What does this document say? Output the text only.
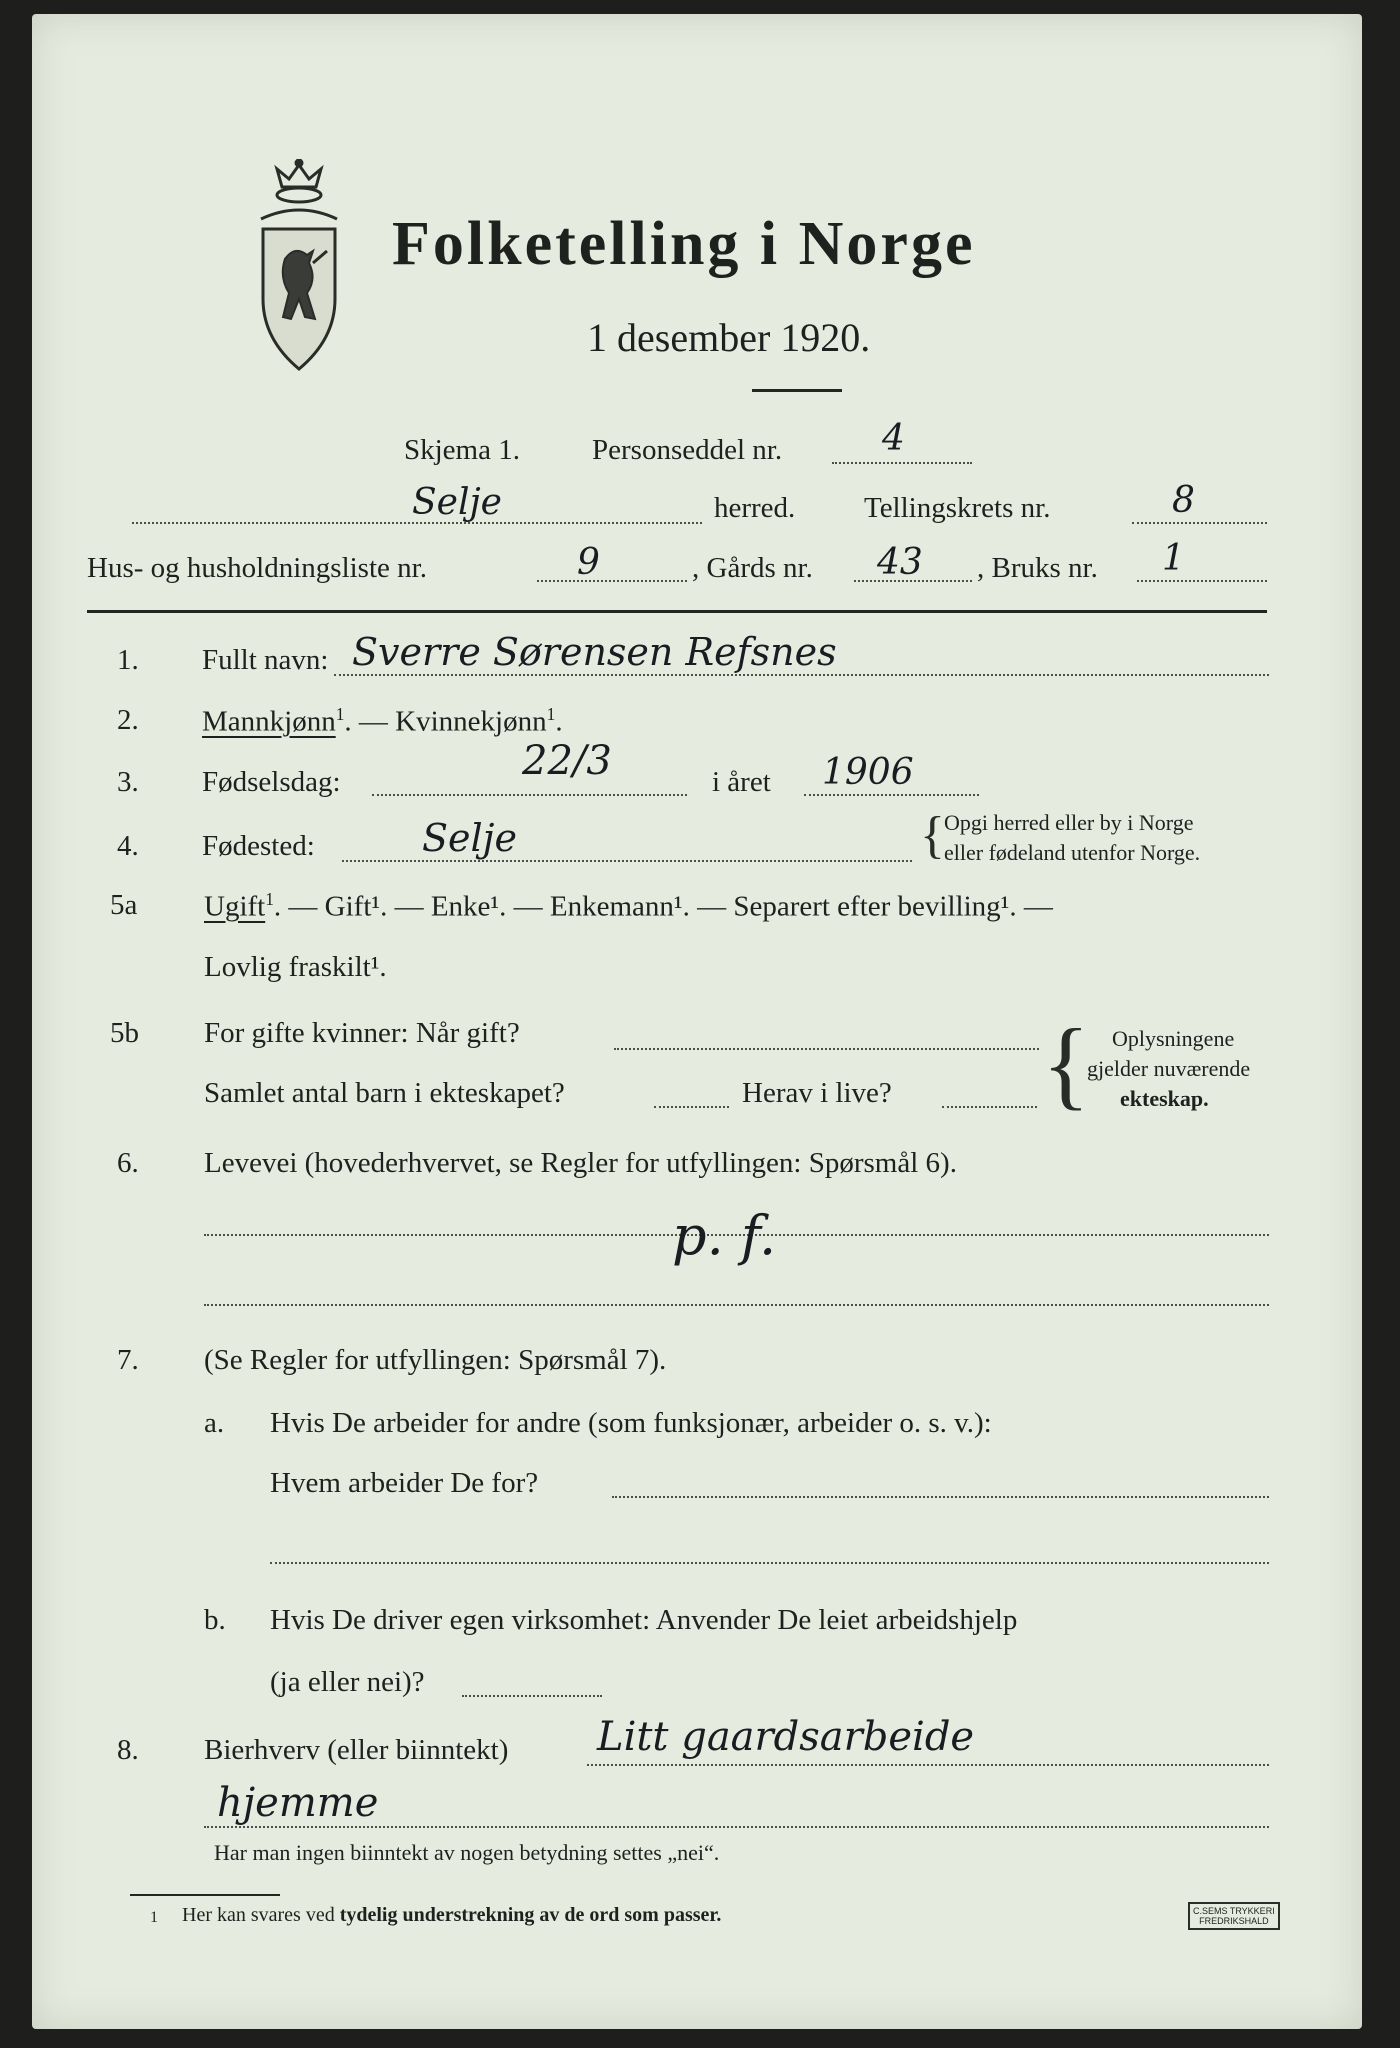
Folketelling i Norge
1 desember 1920.
Skjema 1. Personseddel nr.	4
Selje	herred. Tellingskrets nr.	8
Hus- og husholdningsliste nr.	9	, Gårds nr. 43 , Bruks nr. 1
1. Fullt navn: Sverre Sørensen Refsnes
2. Mannkjønn$^1$. — Kvinnekjønn$^1$.
3. Fødselsdag:	22/3	i året 1906
4. Fødested:	Selje	{ Opgi herred eller by i Norge
eller fødeland utenfor Norge.
5a Ugift$^1$. — Gift¹. — Enke¹. — Enkemann¹. — Separert efter bevilling¹. —
Lovlig fraskilt¹.
5b For gifte kvinner: Når gift?
Samlet antal barn i ekteskapet?	Herav i live? { Oplysningene
gjelder nuværende
ekteskap.
6. Levevei (hovederhvervet, se Regler for utfyllingen: Spørsmål 6).
p. f.
7. (Se Regler for utfyllingen: Spørsmål 7).
a. Hvis De arbeider for andre (som funksjonær, arbeider o. s. v.):
Hvem arbeider De for?
b. Hvis De driver egen virksomhet: Anvender De leiet arbeidshjelp
(ja eller nei)?
8. Bierhverv (eller biinntekt) Litt gaardsarbeide
hjemme
Har man ingen biinntekt av nogen betydning settes „nei“.
1 Her kan svares ved tydelig understrekning av de ord som passer.	C.SEMS TRYKKERI
FREDRIKSHALD
